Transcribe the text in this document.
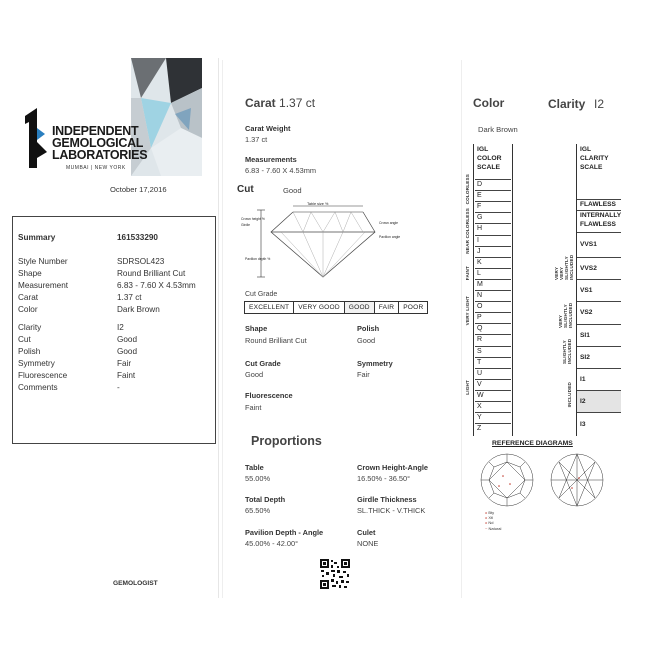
INDEPENDENT
GEMOLOGICAL
LABORATORIES
MUMBAI | NEW YORK
October 17,2016
Summary	161533290
Style Number	SDRSOL423
Shape	Round Brilliant Cut
Measurement	6.83 - 7.60 X 4.53mm
Carat	1.37 ct
Color	Dark Brown
Clarity	I2
Cut	Good
Polish	Good
Symmetry	Fair
Fluorescence	Faint
Comments	-
GEMOLOGIST
Carat 1.37 ct
Carat Weight
1.37 ct
Measurements
6.83 - 7.60 X 4.53mm
Cut	Good
Table size %
Crown height %
Girdle	Crown angle
Pavilion angle
Pavilion depth %
Cut Grade
EXCELLENT	VERY GOOD	GOOD	FAIR	POOR
Shape
Round Brilliant Cut
Polish
Good
Cut Grade
Good
Symmetry
Fair
Fluorescence
Faint
Proportions
Table
55.00%
Crown Height-Angle
16.50% - 36.50°
Total Depth
65.50%
Girdle Thickness
SL.THICK - V.THICK
Pavilion Depth - Angle
45.00% - 42.00°
Culet
NONE
Color	Clarity I2
Dark Brown
IGL
COLOR
SCALE
D
E
F
G
H
I
J
K
L
M
N
O
P
Q
R
S
T
U
V
W
X
Y
Z
COLORLESS
NEAR COLORLESS
FAINT
VERY LIGHT
LIGHT
IGL
CLARITY
SCALE
FLAWLESS
INTERNALLY FLAWLESS
VVS1
VVS2
VS1
VS2
SI1
SI2
I1
I2
I3
VERY VERY SLIGHTLY INCLUDED
VERY SLIGHTLY INCLUDED
SLIGHTLY INCLUDED
INCLUDED
REFERENCE DIAGRAMS
o Bty
o Xtl
o Nd
~ Natural
